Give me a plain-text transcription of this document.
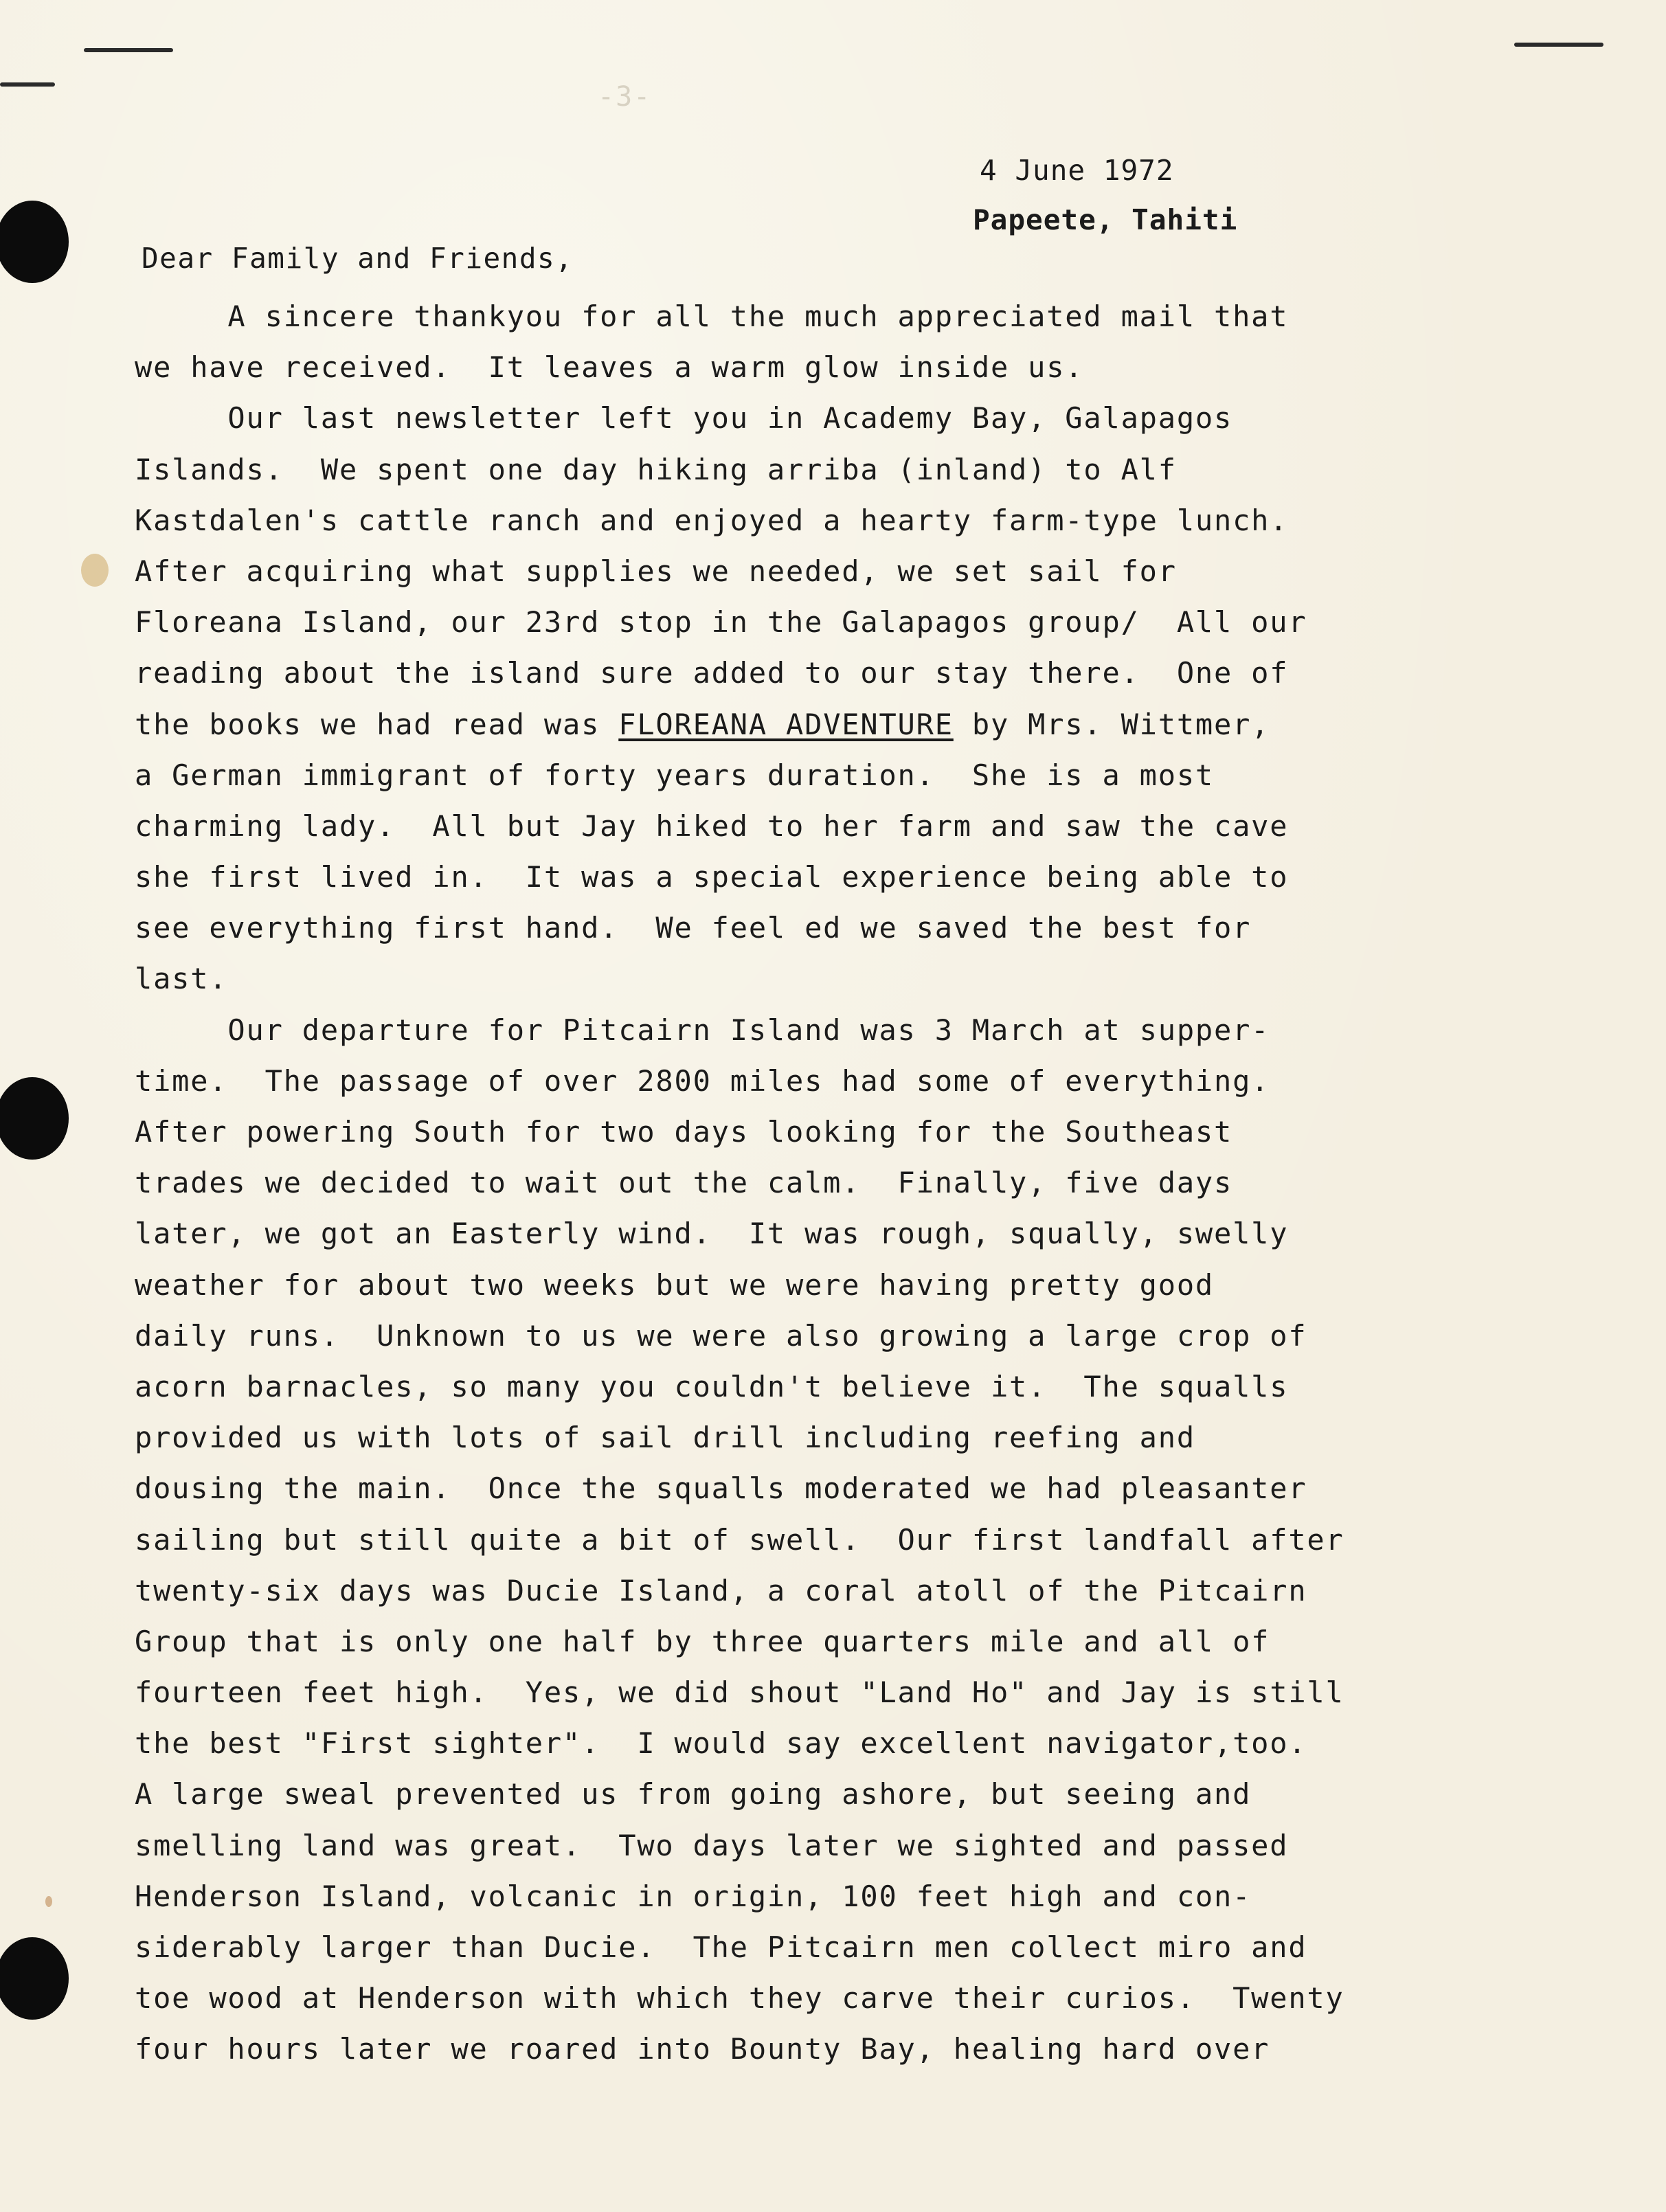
-3-
4 June 1972
Papeete, Tahiti
Dear Family and Friends,
A sincere thankyou for all the much appreciated mail that
we have received.  It leaves a warm glow inside us.
Our last newsletter left you in Academy Bay, Galapagos
Islands.  We spent one day hiking arriba (inland) to Alf
Kastdalen's cattle ranch and enjoyed a hearty farm-type lunch.
After acquiring what supplies we needed, we set sail for
Floreana Island, our 23rd stop in the Galapagos group/  All our
reading about the island sure added to our stay there.  One of
the books we had read was FLOREANA ADVENTURE by Mrs. Wittmer,
a German immigrant of forty years duration.  She is a most
charming lady.  All but Jay hiked to her farm and saw the cave
she first lived in.  It was a special experience being able to
see everything first hand.  We feel ed we saved the best for
last.
Our departure for Pitcairn Island was 3 March at supper-
time.  The passage of over 2800 miles had some of everything.
After powering South for two days looking for the Southeast
trades we decided to wait out the calm.  Finally, five days
later, we got an Easterly wind.  It was rough, squally, swelly
weather for about two weeks but we were having pretty good
daily runs.  Unknown to us we were also growing a large crop of
acorn barnacles, so many you couldn't believe it.  The squalls
provided us with lots of sail drill including reefing and
dousing the main.  Once the squalls moderated we had pleasanter
sailing but still quite a bit of swell.  Our first landfall after
twenty-six days was Ducie Island, a coral atoll of the Pitcairn
Group that is only one half by three quarters mile and all of
fourteen feet high.  Yes, we did shout "Land Ho" and Jay is still
the best "First sighter".  I would say excellent navigator,too.
A large sweal prevented us from going ashore, but seeing and
smelling land was great.  Two days later we sighted and passed
Henderson Island, volcanic in origin, 100 feet high and con-
siderably larger than Ducie.  The Pitcairn men collect miro and
toe wood at Henderson with which they carve their curios.  Twenty
four hours later we roared into Bounty Bay, healing hard over
